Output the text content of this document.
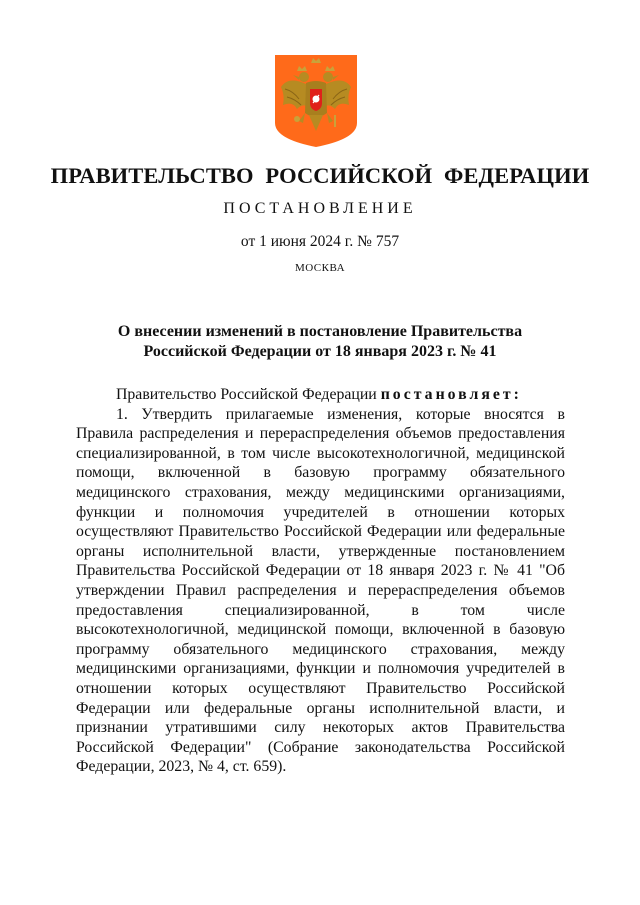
ПРАВИТЕЛЬСТВО РОССИЙСКОЙ ФЕДЕРАЦИИ
ПОСТАНОВЛЕНИЕ
от 1 июня 2024 г. № 757
МОСКВА
О внесении изменений в постановление Правительства
Российской Федерации от 18 января 2023 г. № 41

Правительство Российской Федерации постановляет:

1. Утвердить прилагаемые изменения, которые вносятся в Правила распределения и перераспределения объемов предоставления специализированной, в том числе высокотехнологичной, медицинской помощи, включенной в базовую программу обязательного медицинского страхования, между медицинскими организациями, функции и полномочия учредителей в отношении которых осуществляют Правительство Российской Федерации или федеральные органы исполнительной власти, утвержденные постановлением Правительства Российской Федерации от 18 января 2023 г. № 41 "Об утверждении Правил распределения и перераспределения объемов предоставления специализированной, в том числе высокотехнологичной, медицинской помощи, включенной в базовую программу обязательного медицинского страхования, между медицинскими организациями, функции и полномочия учредителей в отношении которых осуществляют Правительство Российской Федерации или федеральные органы исполнительной власти, и признании утратившими силу некоторых актов Правительства Российской Федерации" (Собрание законодательства Российской Федерации, 2023, № 4, ст. 659).
